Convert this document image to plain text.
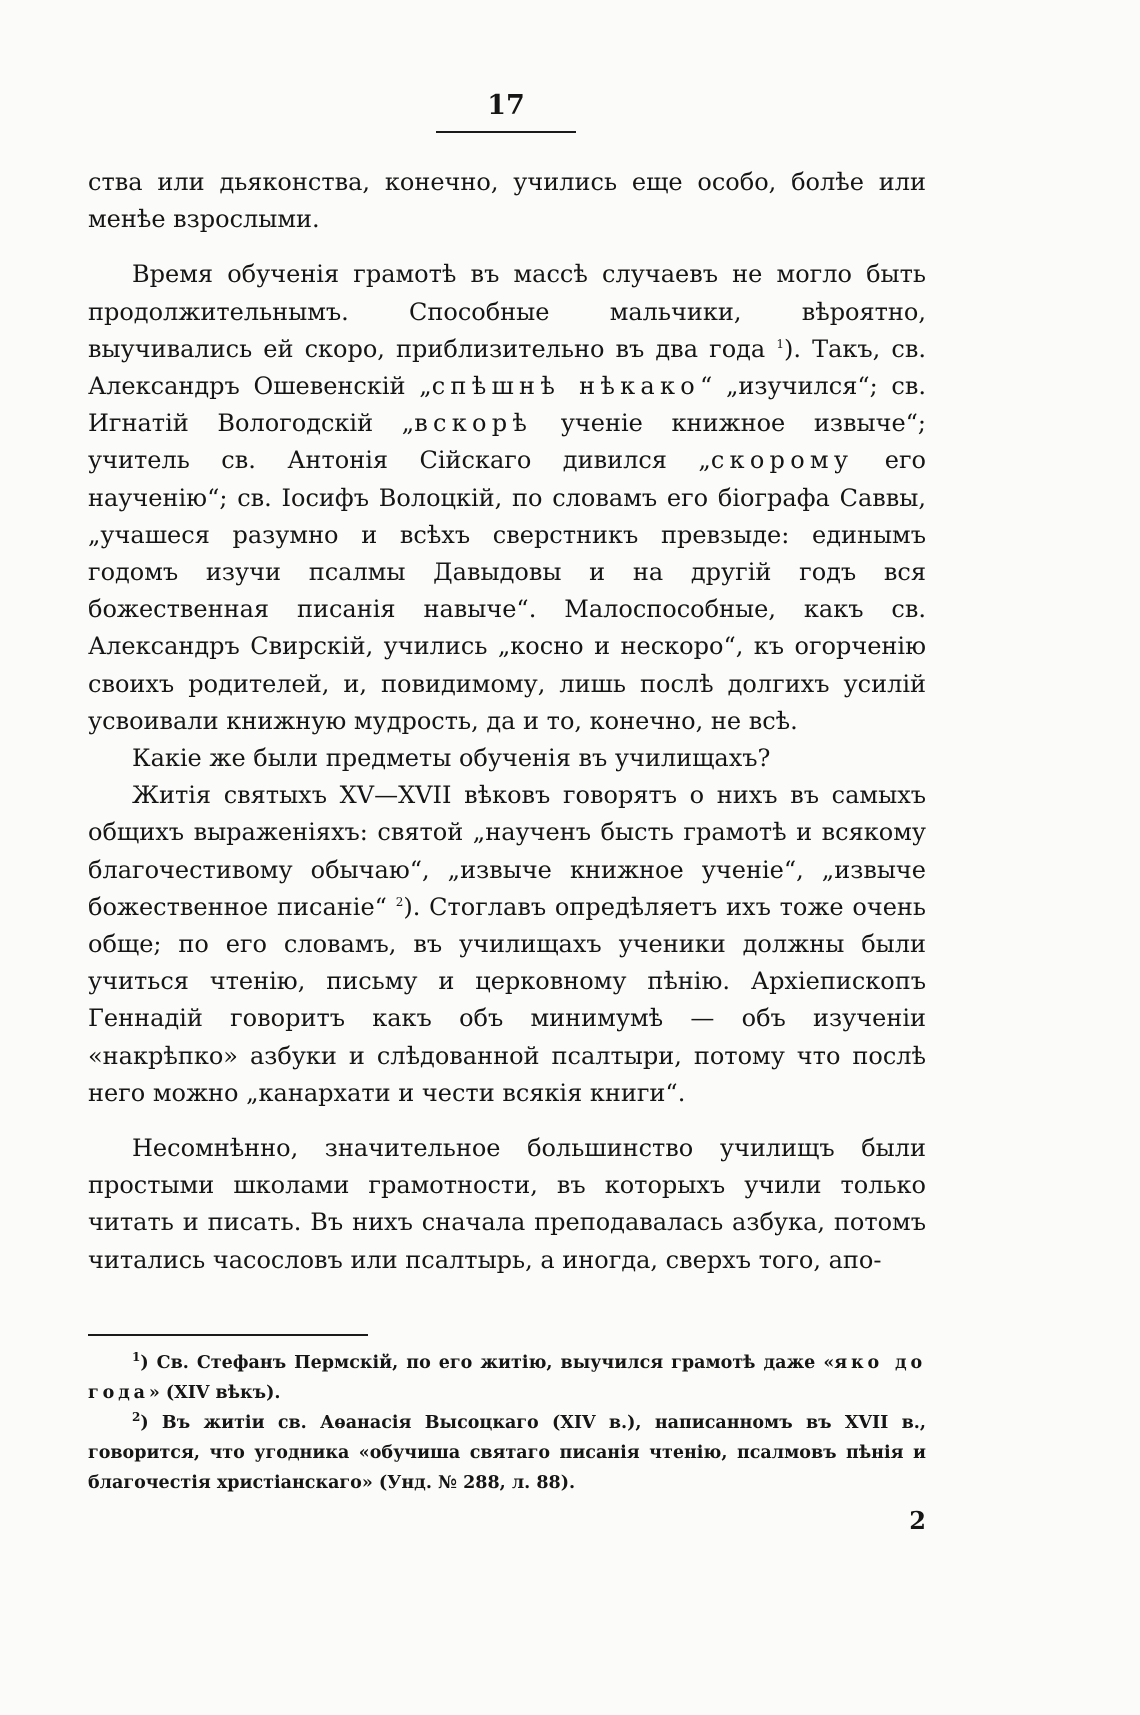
17

ства или дьяконства, конечно, учились еще особо, болѣе или менѣе взрослыми.

Время обученія грамотѣ въ массѣ случаевъ не могло быть продолжительнымъ. Способные мальчики, вѣроятно, выучивались ей скоро, приблизительно въ два года $^1$). Такъ, св. Александръ Ошевенскій „спѣшнѣ нѣкако“ „изучился“; св. Игнатій Вологодскій „вскорѣ ученіе книжное извыче“; учитель св. Антонія Сійскаго дивился „скорому его наученію“; св. Іосифъ Волоцкій, по словамъ его біографа Саввы, „учашеся разумно и всѣхъ сверстникъ превзыде: единымъ годомъ изучи псалмы Давыдовы и на другій годъ вся божественная писанія навыче“. Малоспособные, какъ св. Александръ Свирскій, учились „косно и нескоро“, къ огорченію своихъ родителей, и, повидимому, лишь послѣ долгихъ усилій усвоивали книжную мудрость, да и то, конечно, не всѣ.

Какіе же были предметы обученія въ училищахъ?

Житія святыхъ XV—XVII вѣковъ говорятъ о нихъ въ самыхъ общихъ выраженіяхъ: святой „наученъ бысть грамотѣ и всякому благочестивому обычаю“, „извыче книжное ученіе“, „извыче божественное писаніе“ $^2$). Стоглавъ опредѣляетъ ихъ тоже очень обще; по его словамъ, въ училищахъ ученики должны были учиться чтенію, письму и церковному пѣнію. Архіепископъ Геннадій говоритъ какъ объ минимумѣ — объ изученіи «накрѣпко» азбуки и слѣдованной псалтыри, потому что послѣ него можно „канархати и чести всякія книги“.

Несомнѣнно, значительное большинство училищъ были простыми школами грамотности, въ которыхъ учили только читать и писать. Въ нихъ сначала преподавалась азбука, потомъ читались часословъ или псалтырь, а иногда, сверхъ того, апо-

$^1$) Св. Стефанъ Пермскій, по его житію, выучился грамотѣ даже «яко до года» (XIV вѣкъ).

$^2$) Въ житіи св. Аѳанасія Высоцкаго (XIV в.), написанномъ въ XVII в., говорится, что угодника «обучиша святаго писанія чтенію, псалмовъ пѣнія и благочестія христіанскаго» (Унд. № 288, л. 88).

2
